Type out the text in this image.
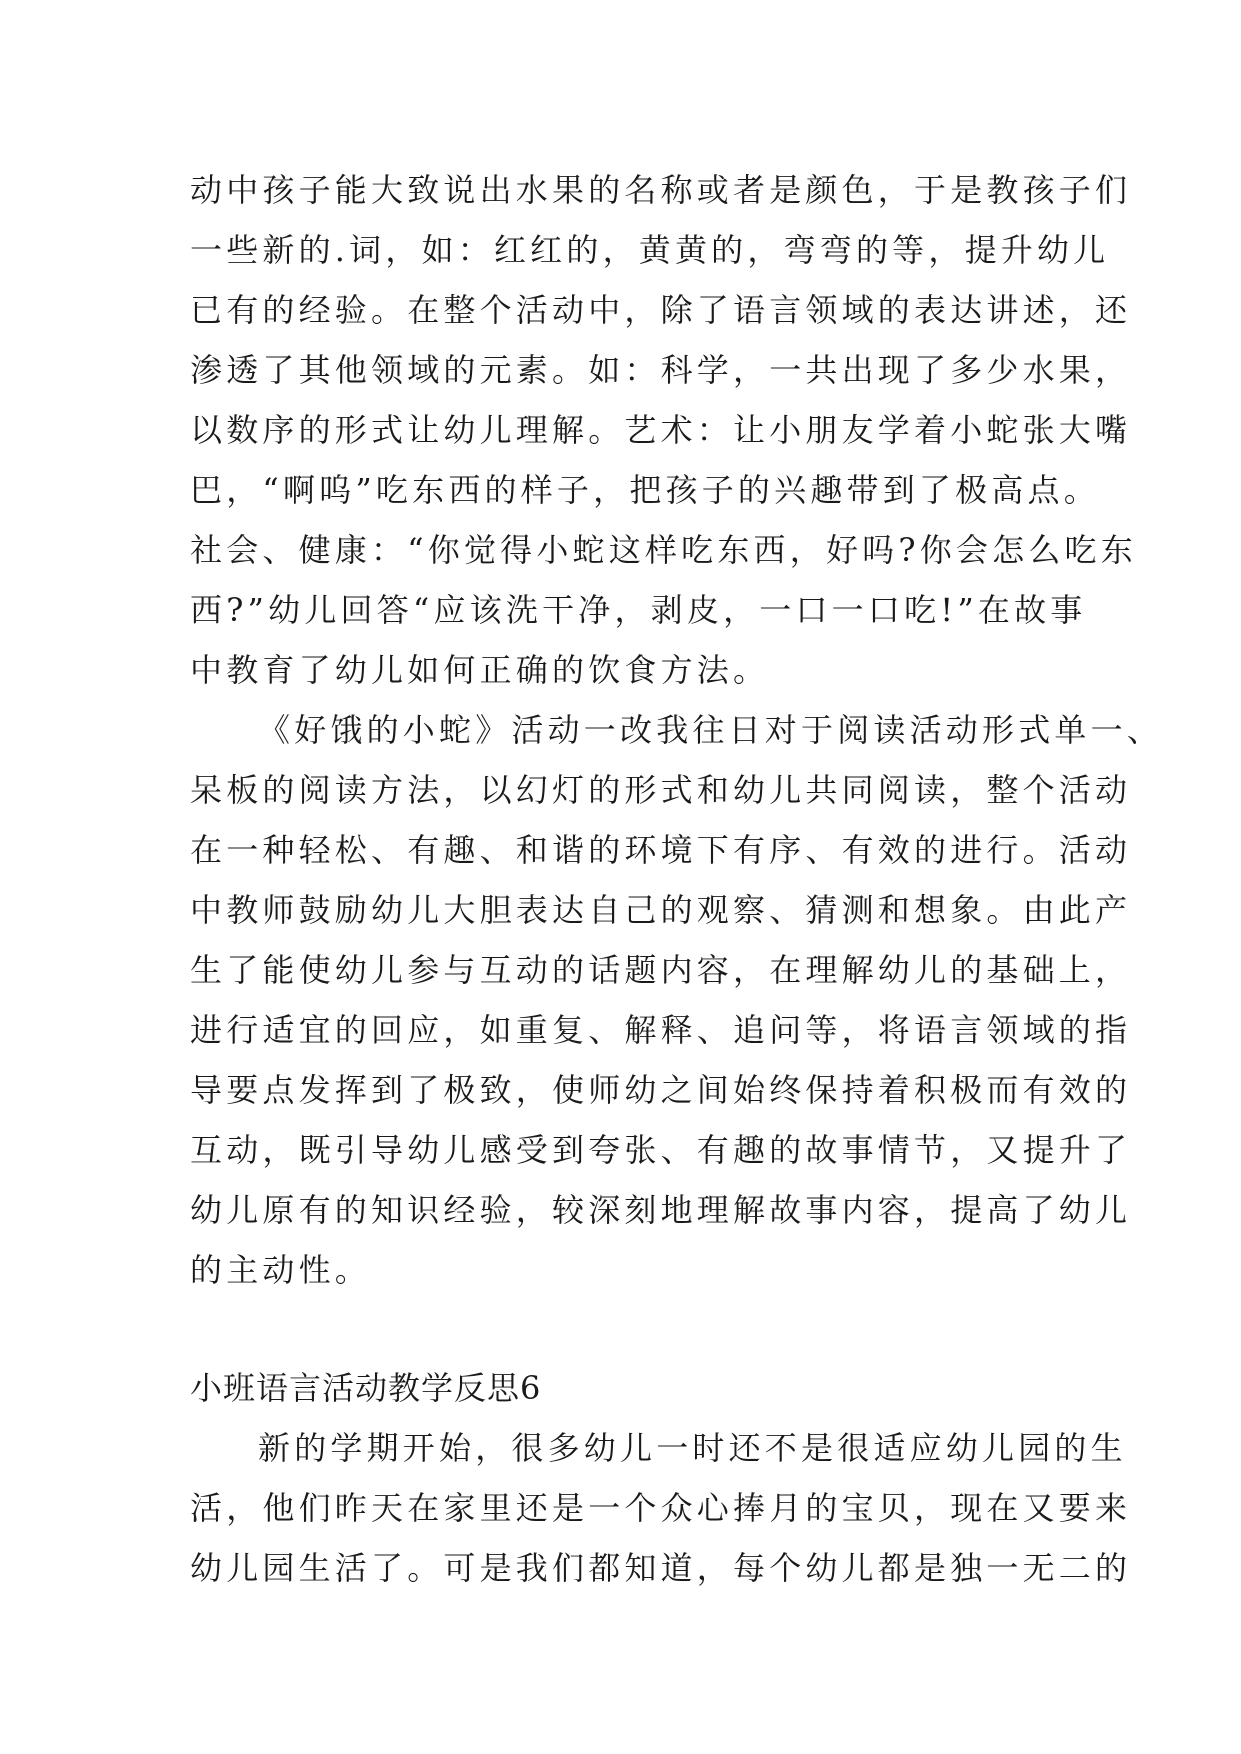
动中孩子能大致说出水果的名称或者是颜色，于是教孩子们
一些新的.词，如：红红的，黄黄的，弯弯的等，提升幼儿
已有的经验。在整个活动中，除了语言领域的表达讲述，还
渗透了其他领域的元素。如：科学，一共出现了多少水果，
以数序的形式让幼儿理解。艺术：让小朋友学着小蛇张大嘴
巴，“啊呜”吃东西的样子，把孩子的兴趣带到了极高点。
社会、健康：“你觉得小蛇这样吃东西，好吗?你会怎么吃东
西?”幼儿回答“应该洗干净，剥皮，一口一口吃!”在故事
中教育了幼儿如何正确的饮食方法。
《好饿的小蛇》活动一改我往日对于阅读活动形式单一、
呆板的阅读方法，以幻灯的形式和幼儿共同阅读，整个活动
在一种轻松、有趣、和谐的环境下有序、有效的进行。活动
中教师鼓励幼儿大胆表达自己的观察、猜测和想象。由此产
生了能使幼儿参与互动的话题内容，在理解幼儿的基础上，
进行适宜的回应，如重复、解释、追问等，将语言领域的指
导要点发挥到了极致，使师幼之间始终保持着积极而有效的
互动，既引导幼儿感受到夸张、有趣的故事情节，又提升了
幼儿原有的知识经验，较深刻地理解故事内容，提高了幼儿
的主动性。
小班语言活动教学反思6
新的学期开始，很多幼儿一时还不是很适应幼儿园的生
活，他们昨天在家里还是一个众心捧月的宝贝，现在又要来
幼儿园生活了。可是我们都知道，每个幼儿都是独一无二的
